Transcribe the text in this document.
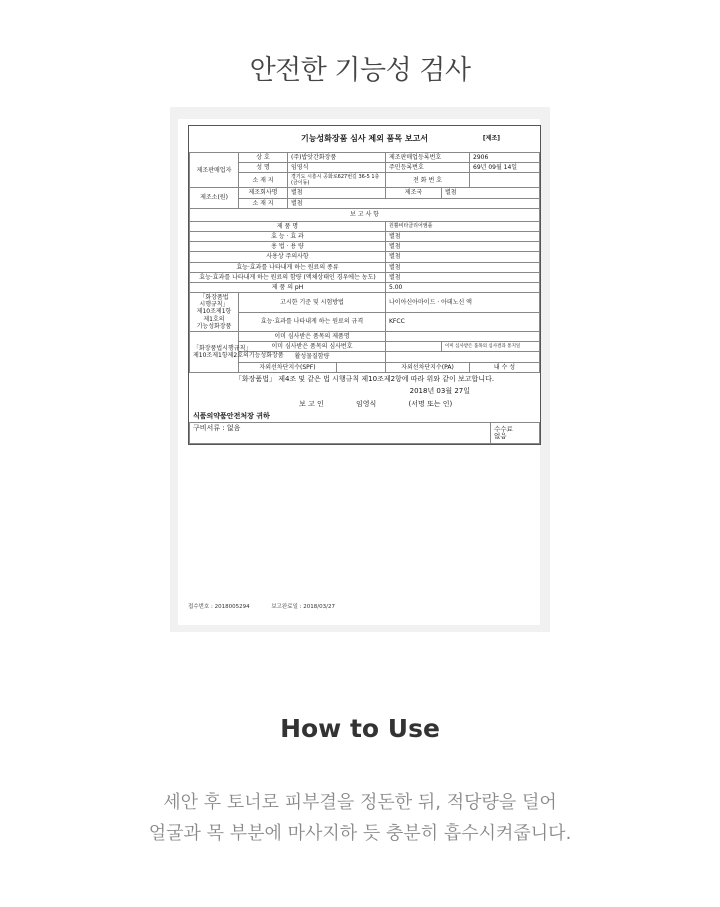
안전한 기능성 검사
기능성화장품 심사 제외 품목 보고서	[제조]
제조판매업자	상 호	(주)밥앗간화장품		제조판매업등록번호		2906
	성 명	임영식		주민등록번호		69년 09월 14일
	소 재 지	경기도 시흥시 공화로627번길 36-5 1층 (금이동)		전 화 번 호		
제조소(원)	제조회사명	별첨		제조국	별첨	
	소 재 지	별첨				
보 고 사 항						
제 품 명				원쁠비타클리어앰플		
효 능 · 효 과				별첨		
용 법 · 용 량				별첨		
사용상 주의사항				별첨		
효능·효과를 나타내게 하는 원료의 종류				별첨		
효능·효과를 나타내게 하는 원료의 함량 (액체상태인 경우에는 농도)				별첨		
제 품 의 pH				5.00		
「화장품법 시행규칙」 제10조제1항 제1호의 기능성화장품	고시한 기준 및 시험방법			나이아신아마이드 · 아데노신 액		
	효능·효과를 나타내게 하는 원료의 규격			KFCC		
「화장품법시행규칙」 제10조제1항제2호의기능성화장품	이미 심사받은 품목의 제품명					
	이미 심사받은 품목의 심사번호				이미 심사받은 품목의 심사결과 통지일	
	활성물질함량					
	자외선차단지수(SPF)			자외선차단지수(PA)		내 수 성
「화장품법」 제4조 및 같은 법 시행규칙 제10조제2항에 따라 위와 같이 보고합니다.
2018년 03월 27일
보 고 인	임영식	(서명 또는 인)
식품의약품안전처장 귀하
구비서류 : 없음	수수료
없음
접수번호 : 2018005294	보고완료일 : 2018/03/27
How to Use
세안 후 토너로 피부결을 정돈한 뒤, 적당량을 덜어
얼굴과 목 부분에 마사지하 듯 충분히 흡수시켜줍니다.
